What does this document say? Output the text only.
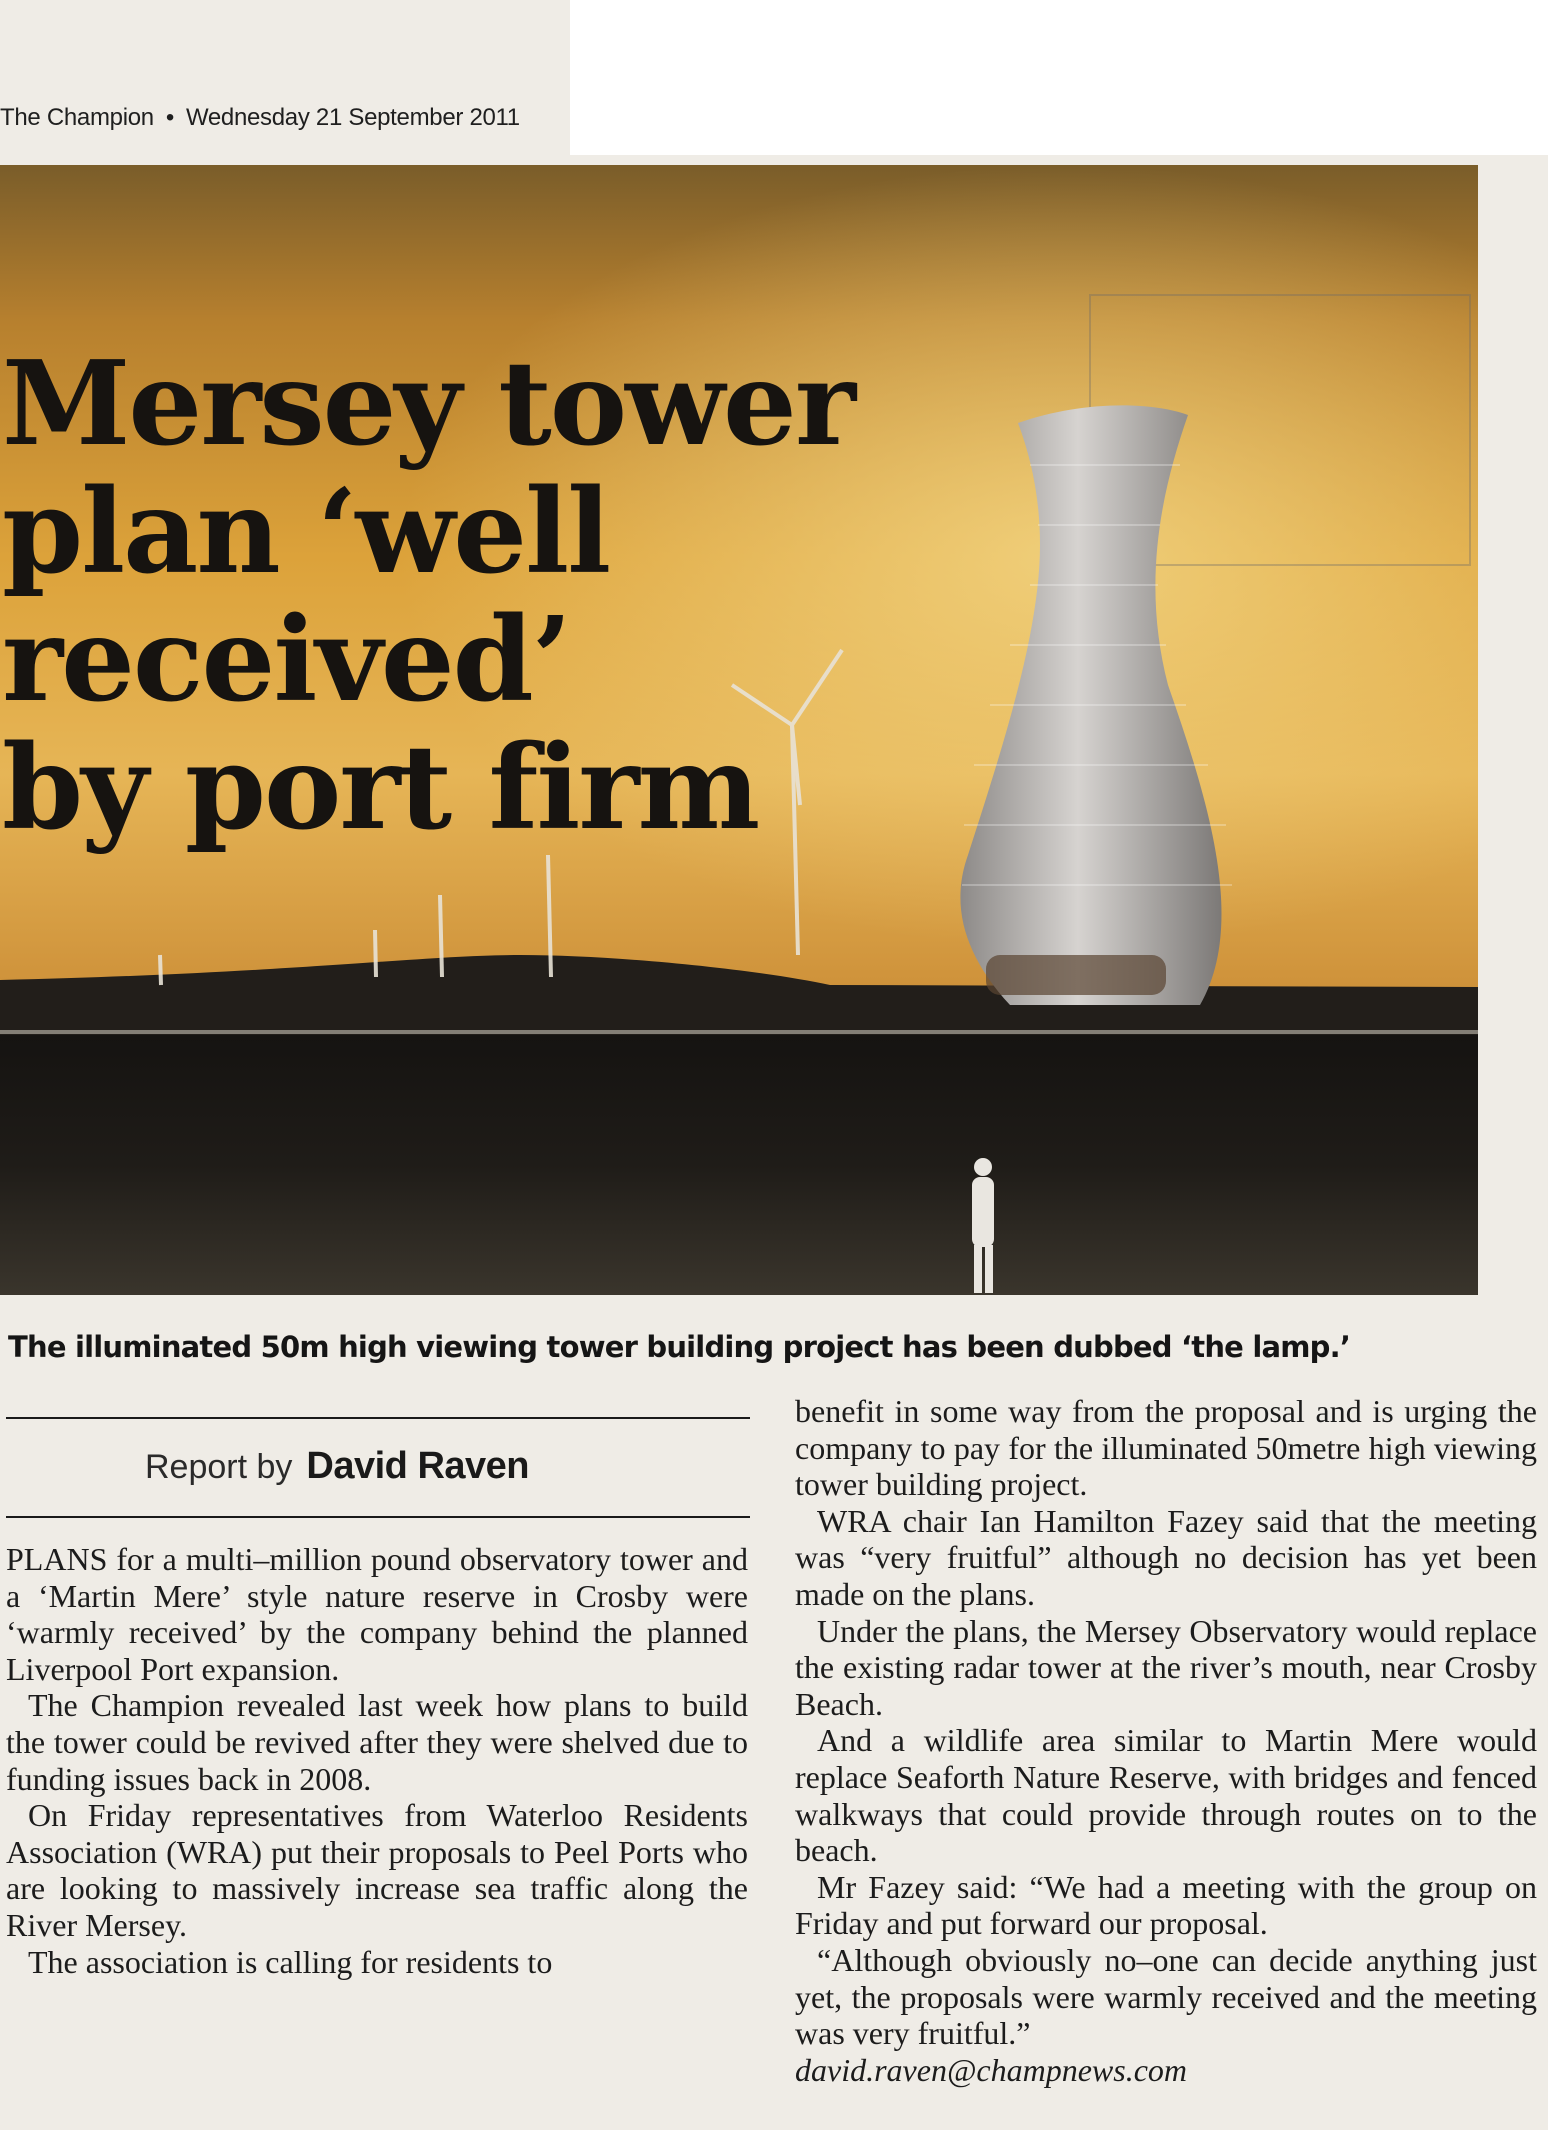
The Champion • Wednesday 21 September 2011
Mersey tower
plan ‘well
received’
by port firm
The illuminated 50m high viewing tower building project has been dubbed ‘the lamp.’
Report by David Raven

PLANS for a multi–million pound observatory tower and a ‘Martin Mere’ style nature reserve in Crosby were ‘warmly received’ by the company behind the planned Liverpool Port expansion.

The Champion revealed last week how plans to build the tower could be revived after they were shelved due to funding issues back in 2008.

On Friday representatives from Waterloo Residents Association (WRA) put their proposals to Peel Ports who are looking to massively increase sea traffic along the River Mersey.

The association is calling for residents to

benefit in some way from the proposal and is urging the company to pay for the illuminated 50metre high viewing tower building project.

WRA chair Ian Hamilton Fazey said that the meeting was “very fruitful” although no decision has yet been made on the plans.

Under the plans, the Mersey Observatory would replace the existing radar tower at the river’s mouth, near Crosby Beach.

And a wildlife area similar to Martin Mere would replace Seaforth Nature Reserve, with bridges and fenced walkways that could provide through routes on to the beach.

Mr Fazey said: “We had a meeting with the group on Friday and put forward our proposal.

“Although obviously no–one can decide anything just yet, the proposals were warmly received and the meeting was very fruitful.”

david.raven@champnews.com
